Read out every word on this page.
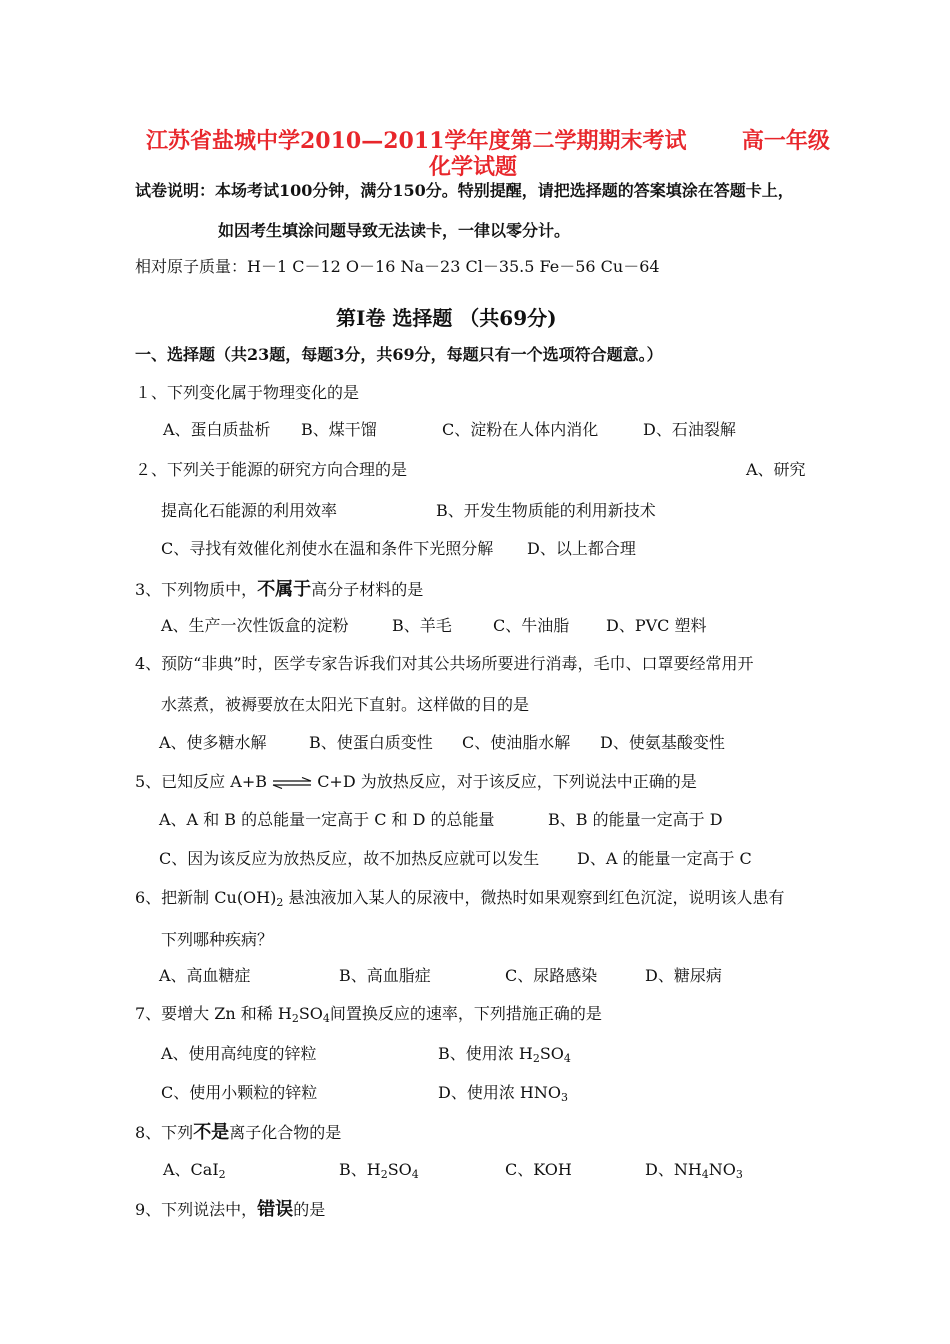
江苏省盐城中学2010—2011学年度第二学期期末考试	高一年级
化学试题
试卷说明：本场考试100分钟，满分150分。特别提醒，请把选择题的答案填涂在答题卡上，
如因考生填涂问题导致无法读卡，一律以零分计。
相对原子质量：H－1 C－12 O－16 Na－23 Cl－35.5 Fe－56 Cu－64
第Ⅰ卷 选择题 （共69分)
一、选择题（共23题，每题3分，共69分，每题只有一个选项符合题意。）
１、下列变化属于物理变化的是
A、蛋白质盐析 B、煤干馏	C、淀粉在人体内消化	D、石油裂解
２、下列关于能源的研究方向合理的是	A、研究
提高化石能源的利用效率	B、开发生物质能的利用新技术
C、寻找有效催化剂使水在温和条件下光照分解 D、以上都合理
3、下列物质中，不属于高分子材料的是
A、生产一次性饭盒的淀粉	B、羊毛	C、牛油脂 D、PVC 塑料
4、预防“非典”时，医学专家告诉我们对其公共场所要进行消毒，毛巾、口罩要经常用开
水蒸煮，被褥要放在太阳光下直射。这样做的目的是
A、使多糖水解	B、使蛋白质变性 C、使油脂水解 D、使氨基酸变性
5、已知反应 A+B ⇌ C+D 为放热反应，对于该反应，下列说法中正确的是
A、A 和 B 的总能量一定高于 C 和 D 的总能量	B、B 的能量一定高于 D
C、因为该反应为放热反应，故不加热反应就可以发生 D、A 的能量一定高于 C
6、把新制 $Cu(OH)_2$ 悬浊液加入某人的尿液中，微热时如果观察到红色沉淀，说明该人患有
下列哪种疾病？
A、高血糖症	B、高血脂症	C、尿路感染	D、糖尿病
7、要增大 Zn 和稀 $H_2SO_4$间置换反应的速率，下列措施正确的是
A、使用高纯度的锌粒	B、使用浓 $H_2SO_4$
C、使用小颗粒的锌粒	D、使用浓 $HNO_3$
8、下列不是离子化合物的是
A、CaI$_2$	B、$H_2SO_4$	C、KOH	D、$NH_4NO_3$
9、下列说法中，错误的是
